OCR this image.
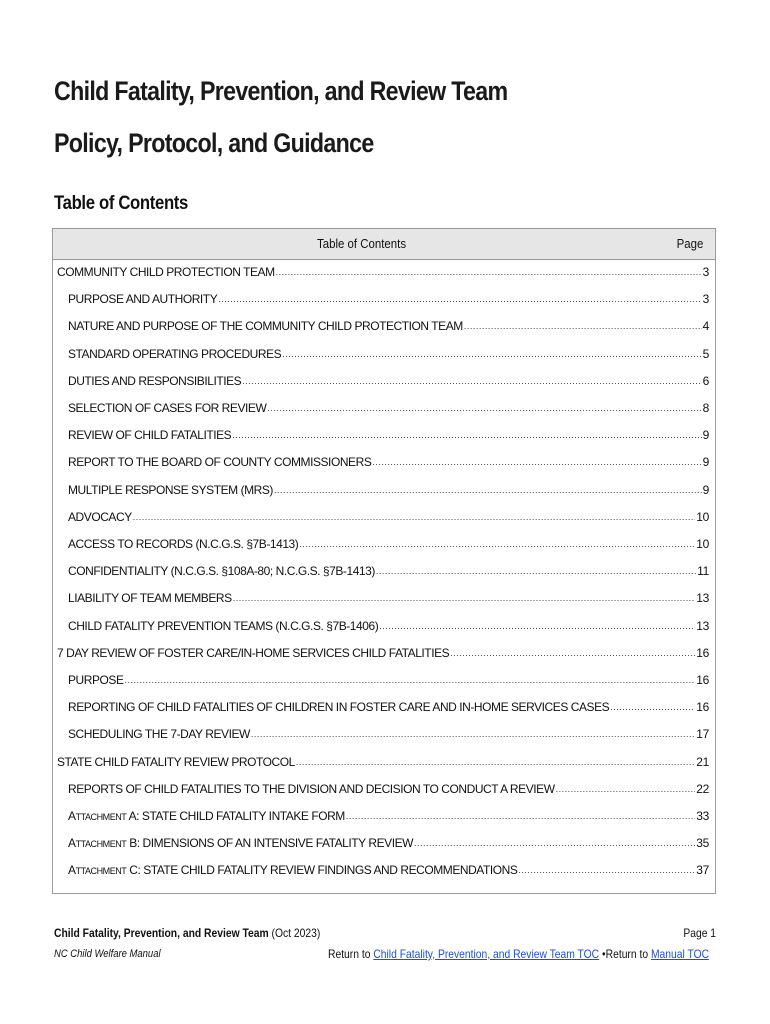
Child Fatality, Prevention, and Review Team
Policy, Protocol, and Guidance
Table of Contents
Table of Contents	Page
COMMUNITY CHILD PROTECTION TEAM .....	3
PURPOSE AND AUTHORITY .....	3
NATURE AND PURPOSE OF THE COMMUNITY CHILD PROTECTION TEAM .....	4
STANDARD OPERATING PROCEDURES .....	5
DUTIES AND RESPONSIBILITIES .....	6
SELECTION OF CASES FOR REVIEW .....	8
REVIEW OF CHILD FATALITIES .....	9
REPORT TO THE BOARD OF COUNTY COMMISSIONERS .....	9
MULTIPLE RESPONSE SYSTEM (MRS) .....	9
ADVOCACY .....	10
ACCESS TO RECORDS (N.C.G.S. §7B-1413) .....	10
CONFIDENTIALITY (N.C.G.S. §108A-80; N.C.G.S. §7B-1413) .....	11
LIABILITY OF TEAM MEMBERS .....	13
CHILD FATALITY PREVENTION TEAMS (N.C.G.S. §7B-1406) .....	13
7 DAY REVIEW OF FOSTER CARE/IN-HOME SERVICES CHILD FATALITIES .....	16
PURPOSE .....	16
REPORTING OF CHILD FATALITIES OF CHILDREN IN FOSTER CARE AND IN-HOME SERVICES CASES .....	16
SCHEDULING THE 7-DAY REVIEW .....	17
STATE CHILD FATALITY REVIEW PROTOCOL .....	21
REPORTS OF CHILD FATALITIES TO THE DIVISION AND DECISION TO CONDUCT A REVIEW .....	22
ATTACHMENT A: STATE CHILD FATALITY INTAKE FORM .....	33
ATTACHMENT B: DIMENSIONS OF AN INTENSIVE FATALITY REVIEW .....	35
ATTACHMENT C: STATE CHILD FATALITY REVIEW FINDINGS AND RECOMMENDATIONS .....	37
Child Fatality, Prevention, and Review Team (Oct 2023)
NC Child Welfare Manual
Page 1
Return to Child Fatality, Prevention, and Review Team TOC •Return to Manual TOC
